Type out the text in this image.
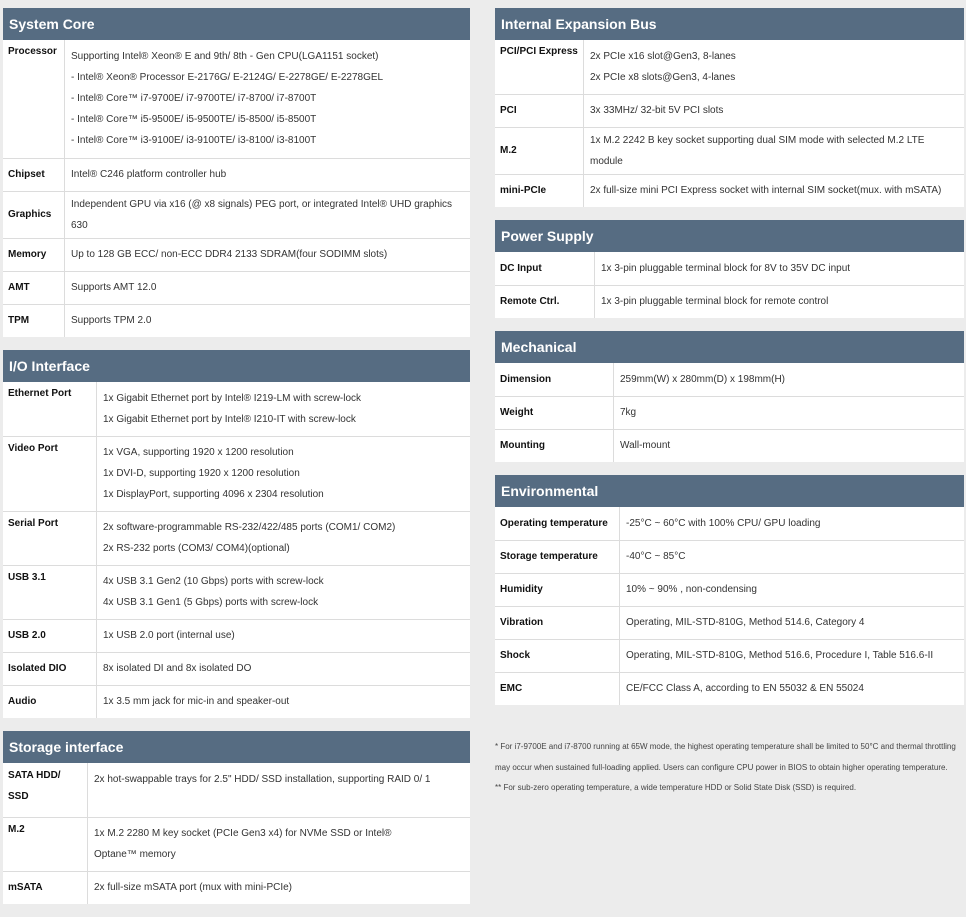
System Core
Processor	Supporting Intel® Xeon® E and 9th/ 8th - Gen CPU(LGA1151 socket)
- Intel® Xeon® Processor E-2176G/ E-2124G/ E-2278GE/ E-2278GEL
- Intel® Core™ i7-9700E/ i7-9700TE/ i7-8700/ i7-8700T
- Intel® Core™ i5-9500E/ i5-9500TE/ i5-8500/ i5-8500T
- Intel® Core™ i3-9100E/ i3-9100TE/ i3-8100/ i3-8100T

Chipset	Intel® C246 platform controller hub

Graphics	Independent GPU via x16 (@ x8 signals) PEG port, or integrated Intel® UHD graphics 630

Memory	Up to 128 GB ECC/ non-ECC DDR4 2133 SDRAM(four SODIMM slots)

AMT	Supports AMT 12.0

TPM	Supports TPM 2.0
I/O Interface
Ethernet Port	1x Gigabit Ethernet port by Intel® I219-LM with screw-lock
1x Gigabit Ethernet port by Intel® I210-IT with screw-lock

Video Port	1x VGA, supporting 1920 x 1200 resolution
1x DVI-D, supporting 1920 x 1200 resolution
1x DisplayPort, supporting 4096 x 2304 resolution

Serial Port	2x software-programmable RS-232/422/485 ports (COM1/ COM2)
2x RS-232 ports (COM3/ COM4)(optional)

USB 3.1	4x USB 3.1 Gen2 (10 Gbps) ports with screw-lock
4x USB 3.1 Gen1 (5 Gbps) ports with screw-lock

USB 2.0	1x USB 2.0 port (internal use)

Isolated DIO	8x isolated DI and 8x isolated DO

Audio	1x 3.5 mm jack for mic-in and speaker-out
Storage interface
SATA HDD/ SSD	2x hot-swappable trays for 2.5" HDD/ SSD installation, supporting RAID 0/ 1

M.2	1x M.2 2280 M key socket (PCIe Gen3 x4) for NVMe SSD or Intel® Optane™ memory

mSATA	2x full-size mSATA port (mux with mini-PCIe)
Internal Expansion Bus
PCI/PCI Express	2x PCIe x16 slot@Gen3, 8-lanes
2x PCIe x8 slots@Gen3, 4-lanes

PCI	3x 33MHz/ 32-bit 5V PCI slots

M.2	1x M.2 2242 B key socket supporting dual SIM mode with selected M.2 LTE module

mini-PCIe	2x full-size mini PCI Express socket with internal SIM socket(mux. with mSATA)
Power Supply
DC Input	1x 3-pin pluggable terminal block for 8V to 35V DC input

Remote Ctrl.	1x 3-pin pluggable terminal block for remote control
Mechanical
Dimension	259mm(W) x 280mm(D) x 198mm(H)

Weight	7kg

Mounting	Wall-mount
Environmental
Operating temperature	-25°C ~ 60°C with 100% CPU/ GPU loading

Storage temperature	-40°C ~ 85°C

Humidity	10% ~ 90% , non-condensing

Vibration	Operating, MIL-STD-810G, Method 514.6, Category 4

Shock	Operating, MIL-STD-810G, Method 516.6, Procedure I, Table 516.6-II

EMC	CE/FCC Class A, according to EN 55032 & EN 55024
* For i7-9700E and i7-8700 running at 65W mode, the highest operating temperature shall be limited to 50°C and thermal throttling may occur when sustained full-loading applied. Users can configure CPU power in BIOS to obtain higher operating temperature.
** For sub-zero operating temperature, a wide temperature HDD or Solid State Disk (SSD) is required.
